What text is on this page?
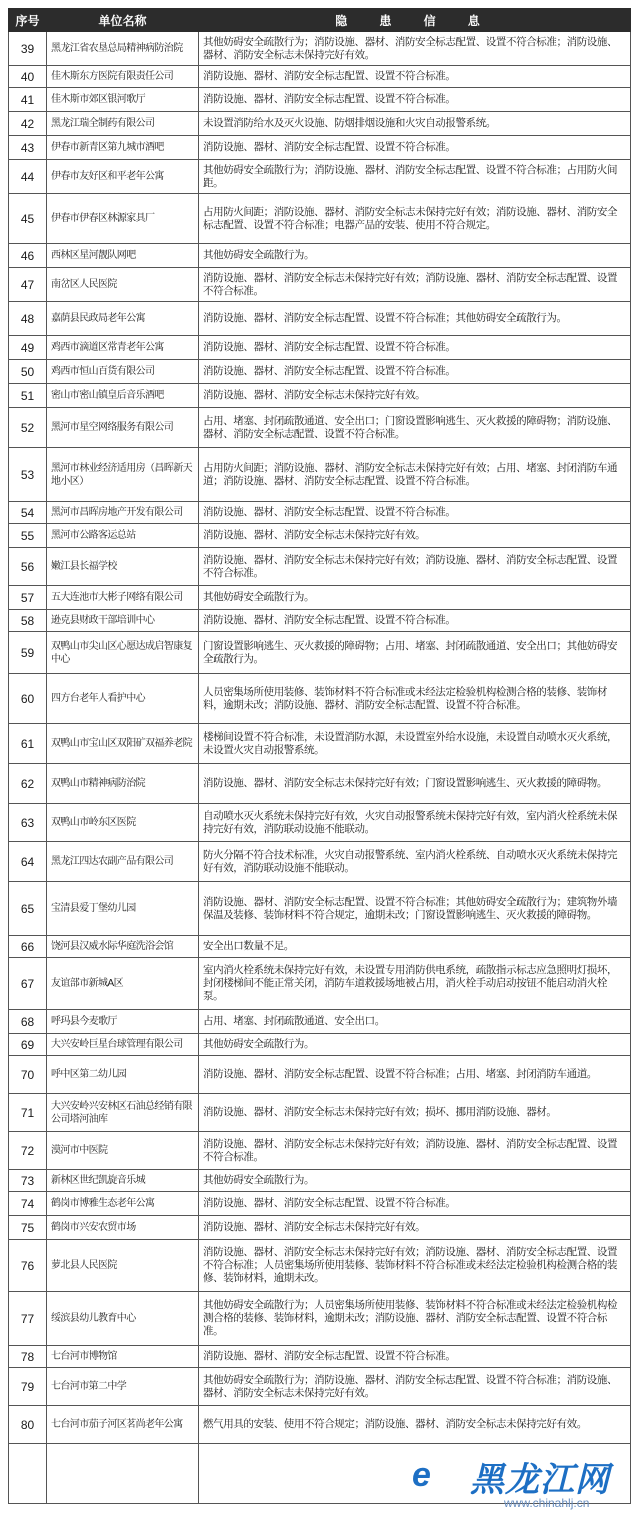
序号	单位名称	隐 患 信 息
39	黑龙江省农垦总局精神病防治院	其他妨碍安全疏散行为；消防设施、器材、消防安全标志配置、设置不符合标准；消防设施、器材、消防安全标志未保持完好有效。
40	佳木斯东方医院有限责任公司	消防设施、器材、消防安全标志配置、设置不符合标准。
41	佳木斯市郊区银河歌厅	消防设施、器材、消防安全标志配置、设置不符合标准。
42	黑龙江瑞全制药有限公司	未设置消防给水及灭火设施、防烟排烟设施和火灾自动报警系统。
43	伊春市新青区第九城市酒吧	消防设施、器材、消防安全标志配置、设置不符合标准。
44	伊春市友好区和平老年公寓	其他妨碍安全疏散行为；消防设施、器材、消防安全标志配置、设置不符合标准；占用防火间距。
45	伊春市伊春区林源家具厂	占用防火间距；消防设施、器材、消防安全标志未保持完好有效；消防设施、器材、消防安全标志配置、设置不符合标准；电器产品的安装、使用不符合规定。
46	西林区星河靓队网吧	其他妨碍安全疏散行为。
47	南岔区人民医院	消防设施、器材、消防安全标志未保持完好有效；消防设施、器材、消防安全标志配置、设置不符合标准。
48	嘉荫县民政局老年公寓	消防设施、器材、消防安全标志配置、设置不符合标准；其他妨碍安全疏散行为。
49	鸡西市滴道区常青老年公寓	消防设施、器材、消防安全标志配置、设置不符合标准。
50	鸡西市恒山百货有限公司	消防设施、器材、消防安全标志配置、设置不符合标准。
51	密山市密山镇皇后音乐酒吧	消防设施、器材、消防安全标志未保持完好有效。
52	黑河市星空网络服务有限公司	占用、堵塞、封闭疏散通道、安全出口；门窗设置影响逃生、灭火救援的障碍物；消防设施、器材、消防安全标志配置、设置不符合标准。
53	黑河市林业经济适用房（昌晖新天地小区）	占用防火间距；消防设施、器材、消防安全标志未保持完好有效；占用、堵塞、封闭消防车通道；消防设施、器材、消防安全标志配置、设置不符合标准。
54	黑河市昌晖房地产开发有限公司	消防设施、器材、消防安全标志配置、设置不符合标准。
55	黑河市公路客运总站	消防设施、器材、消防安全标志未保持完好有效。
56	嫩江县长福学校	消防设施、器材、消防安全标志未保持完好有效；消防设施、器材、消防安全标志配置、设置不符合标准。
57	五大连池市大彬子网络有限公司	其他妨碍安全疏散行为。
58	逊克县财政干部培训中心	消防设施、器材、消防安全标志配置、设置不符合标准。
59	双鸭山市尖山区心愿达成启智康复中心	门窗设置影响逃生、灭火救援的障碍物；占用、堵塞、封闭疏散通道、安全出口；其他妨碍安全疏散行为。
60	四方台老年人看护中心	人员密集场所使用装修、装饰材料不符合标准或未经法定检验机构检测合格的装修、装饰材料，逾期未改；消防设施、器材、消防安全标志配置、设置不符合标准。
61	双鸭山市宝山区双阳矿双福养老院	楼梯间设置不符合标准，未设置消防水源，未设置室外给水设施，未设置自动喷水灭火系统，未设置火灾自动报警系统。
62	双鸭山市精神病防治院	消防设施、器材、消防安全标志未保持完好有效；门窗设置影响逃生、灭火救援的障碍物。
63	双鸭山市岭东区医院	自动喷水灭火系统未保持完好有效，火灾自动报警系统未保持完好有效，室内消火栓系统未保持完好有效，消防联动设施不能联动。
64	黑龙江四达农副产品有限公司	防火分隔不符合技术标准，火灾自动报警系统、室内消火栓系统、自动喷水灭火系统未保持完好有效，消防联动设施不能联动。
65	宝清县爱丁堡幼儿园	消防设施、器材、消防安全标志配置、设置不符合标准；其他妨碍安全疏散行为；建筑物外墙保温及装修、装饰材料不符合规定，逾期未改；门窗设置影响逃生、灭火救援的障碍物。
66	饶河县汉威水际华庭洗浴会馆	安全出口数量不足。
67	友谊部市新城A区	室内消火栓系统未保持完好有效，未设置专用消防供电系统，疏散指示标志应急照明灯损坏，封闭楼梯间不能正常关闭，消防车道救援场地被占用，消火栓手动启动按钮不能启动消火栓泵。
68	呼玛县今麦歌厅	占用、堵塞、封闭疏散通道、安全出口。
69	大兴安岭巨星台球管理有限公司	其他妨碍安全疏散行为。
70	呼中区第二幼儿园	消防设施、器材、消防安全标志配置、设置不符合标准；占用、堵塞、封闭消防车通道。
71	大兴安岭兴安林区石油总经销有限公司塔河油库	消防设施、器材、消防安全标志未保持完好有效；损坏、挪用消防设施、器材。
72	漠河市中医院	消防设施、器材、消防安全标志未保持完好有效；消防设施、器材、消防安全标志配置、设置不符合标准。
73	新林区世纪凯旋音乐城	其他妨碍安全疏散行为。
74	鹤岗市博雅生态老年公寓	消防设施、器材、消防安全标志配置、设置不符合标准。
75	鹤岗市兴安农贸市场	消防设施、器材、消防安全标志未保持完好有效。
76	萝北县人民医院	消防设施、器材、消防安全标志未保持完好有效；消防设施、器材、消防安全标志配置、设置不符合标准；人员密集场所使用装修、装饰材料不符合标准或未经法定检验机构检测合格的装修、装饰材料，逾期未改。
77	绥滨县幼儿教育中心	其他妨碍安全疏散行为；人员密集场所使用装修、装饰材料不符合标准或未经法定检验机构检测合格的装修、装饰材料，逾期未改；消防设施、器材、消防安全标志配置、设置不符合标准。
78	七台河市博物馆	消防设施、器材、消防安全标志配置、设置不符合标准。
79	七台河市第二中学	其他妨碍安全疏散行为；消防设施、器材、消防安全标志配置、设置不符合标准；消防设施、器材、消防安全标志未保持完好有效。
80	七台河市茄子河区茗尚老年公寓	燃气用具的安装、使用不符合规定；消防设施、器材、消防安全标志未保持完好有效。

e 黑龙江网
www.chinahlj.cn
